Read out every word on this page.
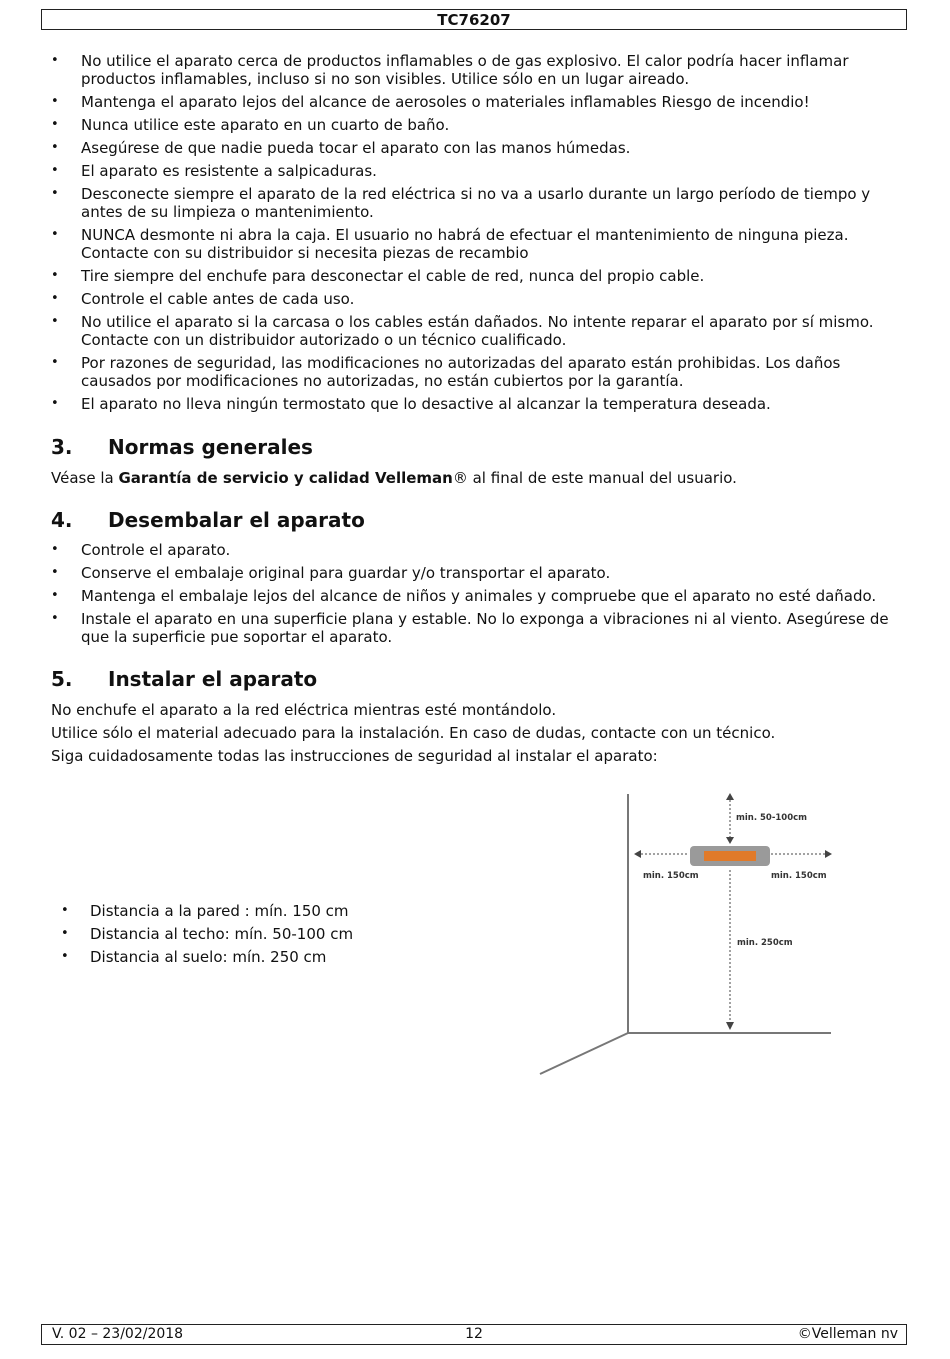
TC76207
• No utilice el aparato cerca de productos inflamables o de gas explosivo. El calor podría hacer inflamar productos inflamables, incluso si no son visibles. Utilice sólo en un lugar aireado.
• Mantenga el aparato lejos del alcance de aerosoles o materiales inflamables Riesgo de incendio!
• Nunca utilice este aparato en un cuarto de baño.
• Asegúrese de que nadie pueda tocar el aparato con las manos húmedas.
• El aparato es resistente a salpicaduras.
• Desconecte siempre el aparato de la red eléctrica si no va a usarlo durante un largo período de tiempo y antes de su limpieza o mantenimiento.
• NUNCA desmonte ni abra la caja. El usuario no habrá de efectuar el mantenimiento de ninguna pieza. Contacte con su distribuidor si necesita piezas de recambio
• Tire siempre del enchufe para desconectar el cable de red, nunca del propio cable.
• Controle el cable antes de cada uso.
• No utilice el aparato si la carcasa o los cables están dañados. No intente reparar el aparato por sí mismo. Contacte con un distribuidor autorizado o un técnico cualificado.
• Por razones de seguridad, las modificaciones no autorizadas del aparato están prohibidas. Los daños causados por modificaciones no autorizadas, no están cubiertos por la garantía.
• El aparato no lleva ningún termostato que lo desactive al alcanzar la temperatura deseada.
3. Normas generales
Véase la Garantía de servicio y calidad Velleman® al final de este manual del usuario.
4. Desembalar el aparato
• Controle el aparato.
• Conserve el embalaje original para guardar y/o transportar el aparato.
• Mantenga el embalaje lejos del alcance de niños y animales y compruebe que el aparato no esté dañado.
• Instale el aparato en una superficie plana y estable. No lo exponga a vibraciones ni al viento. Asegúrese de que la superficie pue soportar el aparato.
5. Instalar el aparato
No enchufe el aparato a la red eléctrica mientras esté montándolo.
Utilice sólo el material adecuado para la instalación. En caso de dudas, contacte con un técnico.
Siga cuidadosamente todas las instrucciones de seguridad al instalar el aparato:
• Distancia a la pared : mín. 150 cm
• Distancia al techo: mín. 50-100 cm
• Distancia al suelo: mín. 250 cm
min. 50-100cm
min. 150cm	min. 150cm
min. 250cm
V. 02 – 23/02/2018	12	©Velleman nv
